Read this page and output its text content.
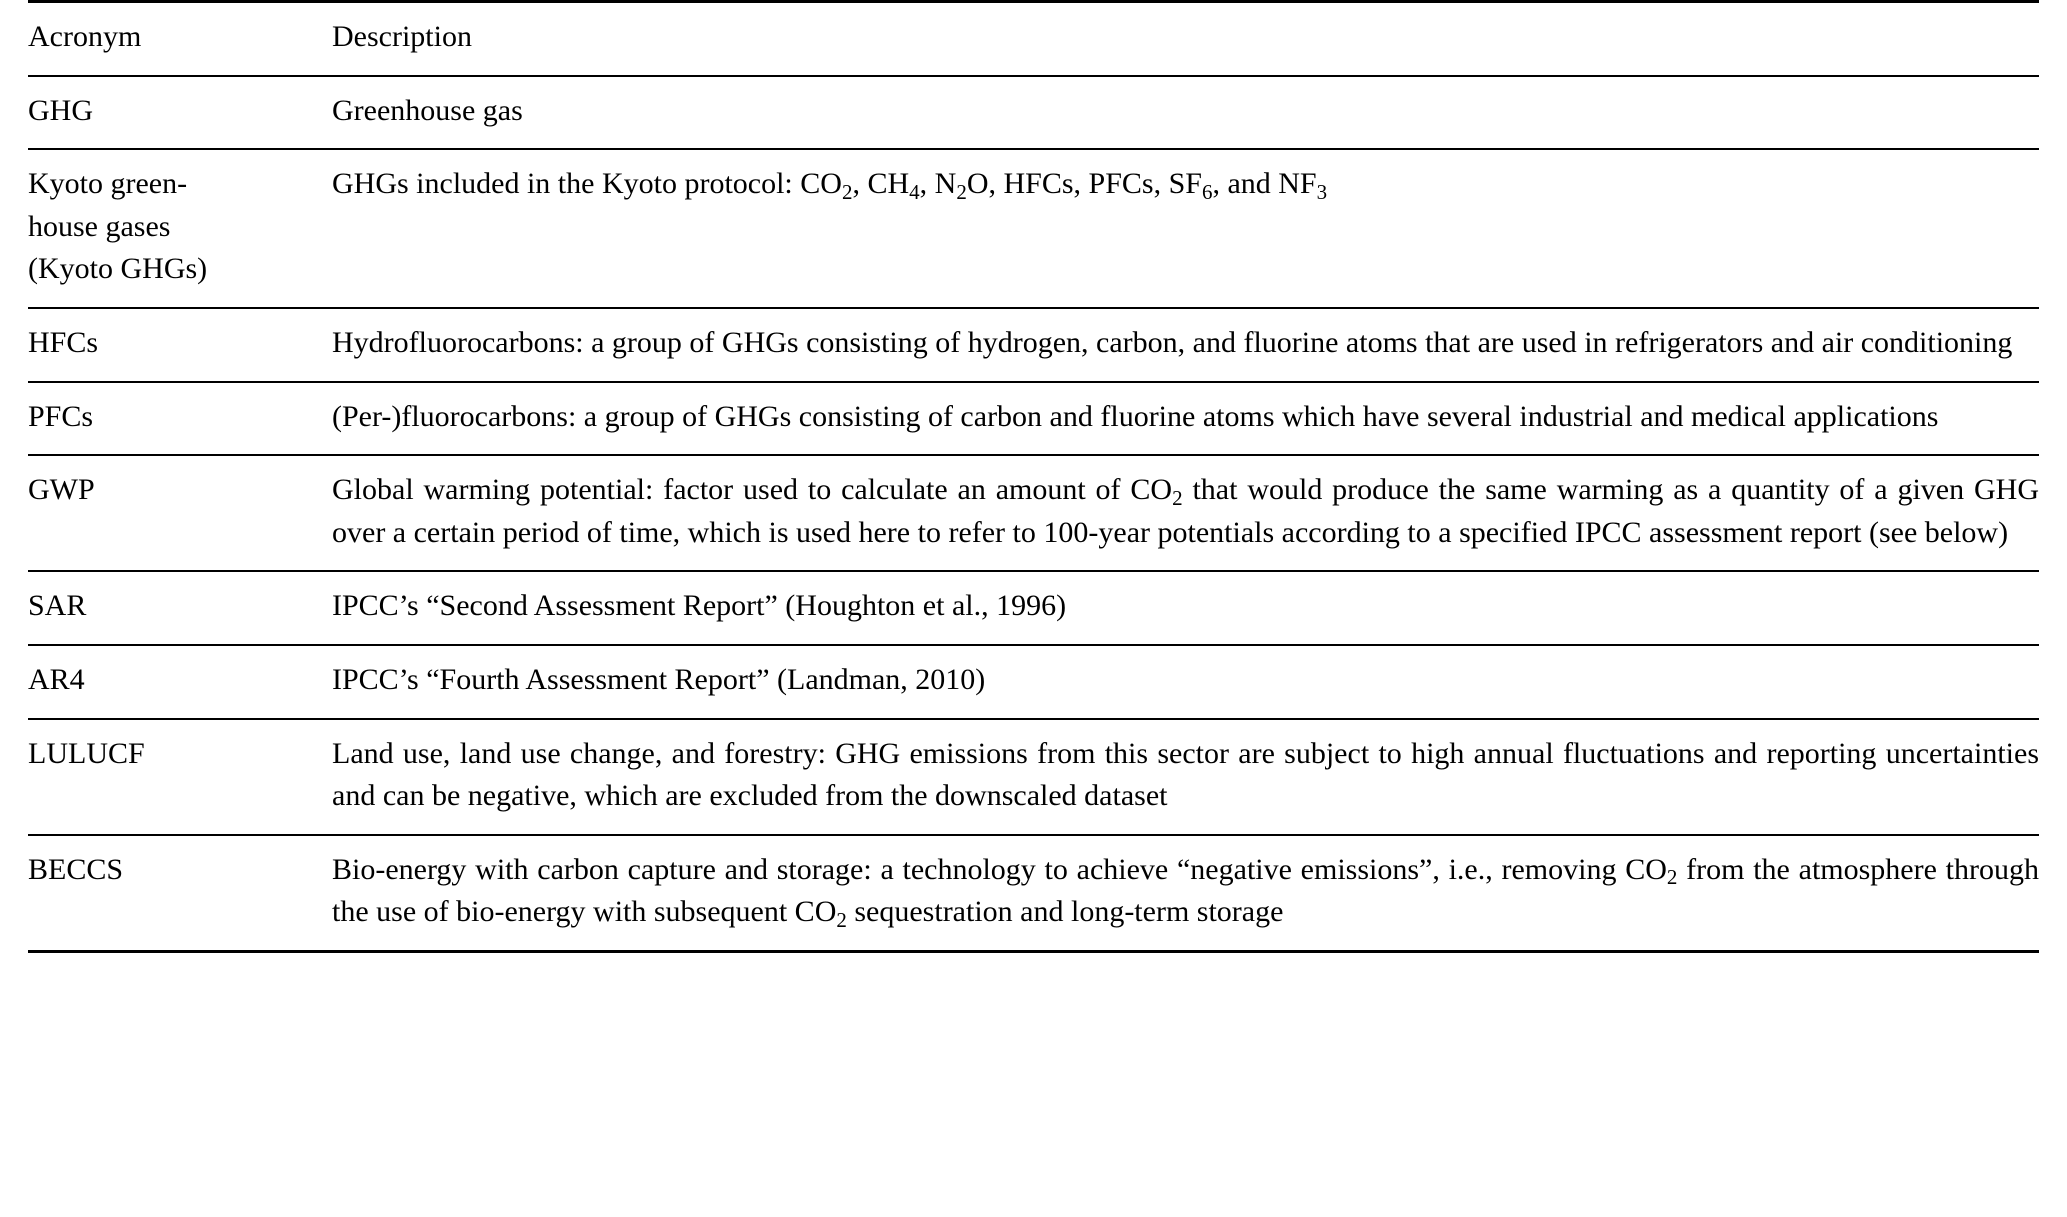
Acronym	Description
GHG	Greenhouse gas

Kyoto green-
house gases
(Kyoto GHGs)	GHGs included in the Kyoto protocol: $CO_2$, $CH_4$, $N_2O$, HFCs, PFCs, $SF_6$, and $NF_3$

HFCs	Hydrofluorocarbons: a group of GHGs consisting of hydrogen, carbon, and fluorine atoms that are used in refrigerators and air conditioning

PFCs	(Per-)fluorocarbons: a group of GHGs consisting of carbon and fluorine atoms which have several industrial and medical applications

GWP	Global warming potential: factor used to calculate an amount of $CO_2$ that would produce the same warming as a quantity of a given GHG over a certain period of time, which is used here to refer to 100-year potentials according to a specified IPCC assessment report (see below)

SAR	IPCC’s “Second Assessment Report” (Houghton et al., 1996)

AR4	IPCC’s “Fourth Assessment Report” (Landman, 2010)

LULUCF	Land use, land use change, and forestry: GHG emissions from this sector are subject to high annual fluctuations and reporting uncertainties and can be negative, which are excluded from the downscaled dataset

BECCS	Bio-energy with carbon capture and storage: a technology to achieve “negative emissions”, i.e., removing $CO_2$ from the atmosphere through the use of bio-energy with subsequent $CO_2$ sequestration and long-term storage
